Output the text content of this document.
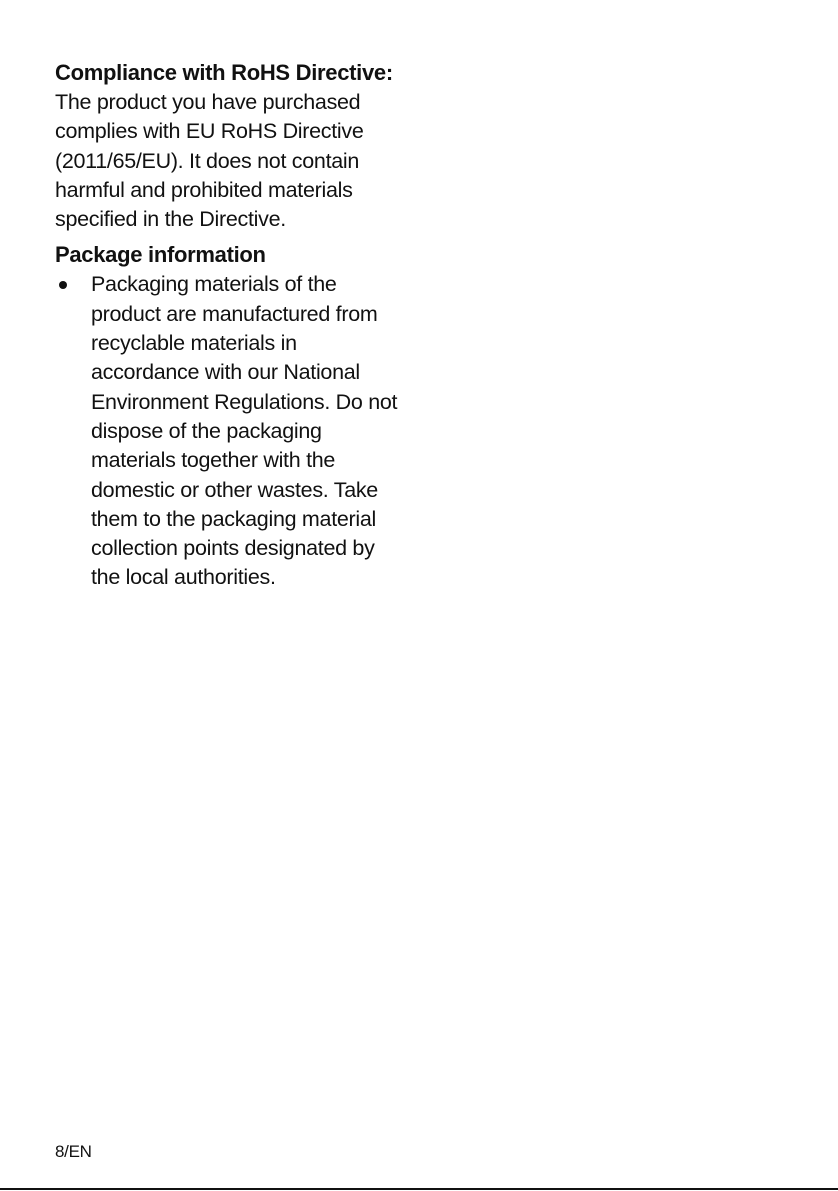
Compliance with RoHS Directive:

The product you have purchased
complies with EU RoHS Directive
(2011/65/EU). It does not contain
harmful and prohibited materials
specified in the Directive.

Package information
Packaging materials of the
product are manufactured from
recyclable materials in
accordance with our National
Environment Regulations. Do not
dispose of the packaging
materials together with the
domestic or other wastes. Take
them to the packaging material
collection points designated by
the local authorities.
8/EN
